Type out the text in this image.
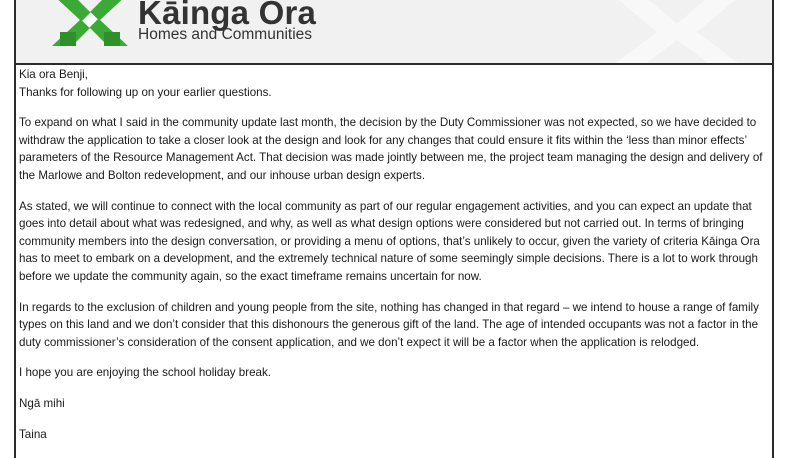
Kāinga Ora
Homes and Communities

Kia ora Benji,

Thanks for following up on your earlier questions.

To expand on what I said in the community update last month, the decision by the Duty Commissioner was not expected, so we have decided to withdraw the application to take a closer look at the design and look for any changes that could ensure it fits within the ‘less than minor effects’ parameters of the Resource Management Act. That decision was made jointly between me, the project team managing the design and delivery of the Marlowe and Bolton redevelopment, and our inhouse urban design experts.

As stated, we will continue to connect with the local community as part of our regular engagement activities, and you can expect an update that goes into detail about what was redesigned, and why, as well as what design options were considered but not carried out. In terms of bringing community members into the design conversation, or providing a menu of options, that’s unlikely to occur, given the variety of criteria Kāinga Ora has to meet to embark on a development, and the extremely technical nature of some seemingly simple decisions. There is a lot to work through before we update the community again, so the exact timeframe remains uncertain for now.

In regards to the exclusion of children and young people from the site, nothing has changed in that regard – we intend to house a range of family types on this land and we don’t consider that this dishonours the generous gift of the land. The age of intended occupants was not a factor in the duty commissioner’s consideration of the consent application, and we don’t expect it will be a factor when the application is relodged.

I hope you are enjoying the school holiday break.

Ngā mihi

Taina
